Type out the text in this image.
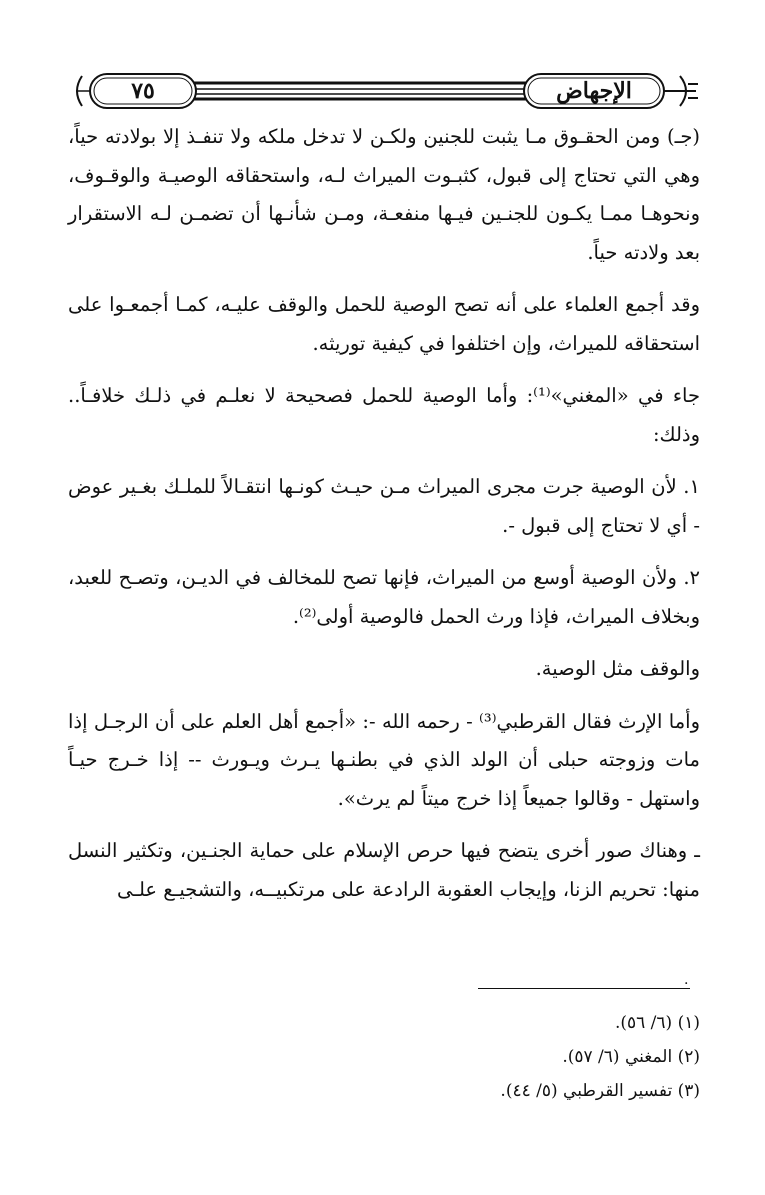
٧٥	الإجهاض

(جـ) ومن الحقـوق مـا يثبت للجنين ولكـن لا تدخل ملكه ولا تنفـذ إلا بولادته حياً، وهي التي تحتاج إلى قبول، كثبـوت الميراث لـه، واستحقاقه الوصيـة والوقـوف، ونحوهـا ممـا يكـون للجنـين فيـها منفعـة، ومـن شأنـها أن تضمـن لـه الاستقرار بعد ولادته حياً.

وقد أجمع العلماء على أنه تصح الوصية للحمل والوقف عليـه، كمـا أجمعـوا على استحقاقه للميراث، وإن اختلفوا في كيفية توريثه.

جاء في «المغني»⁽¹⁾: وأما الوصية للحمل فصحيحة لا نعلـم في ذلـك خلافـاً.. وذلك:

١. لأن الوصية جرت مجرى الميراث مـن حيـث كونـها انتقـالاً للملـك بغـير عوض - أي لا تحتاج إلى قبول -.

٢. ولأن الوصية أوسع من الميراث، فإنها تصح للمخالف في الديـن، وتصـح للعبد، وبخلاف الميراث، فإذا ورث الحمل فالوصية أولى⁽²⁾.

والوقف مثل الوصية.

وأما الإرث فقال القرطبي⁽³⁾ - رحمه الله -: «أجمع أهل العلم على أن الرجـل إذا مات وزوجته حبلى أن الولد الذي في بطنـها يـرث ويـورث -- إذا خـرج حيـاً واستهل - وقالوا جميعاً إذا خرج ميتاً لم يرث».

ـ وهناك صور أخرى يتضح فيها حرص الإسلام على حماية الجنـين، وتكثير النسل منها: تحريم الزنا، وإيجاب العقوبة الرادعة على مرتكبيــه، والتشجيـع علـى

.

(١) (٦/ ٥٦).

(٢) المغني (٦/ ٥٧).

(٣) تفسير القرطبي (٥/ ٤٤).
